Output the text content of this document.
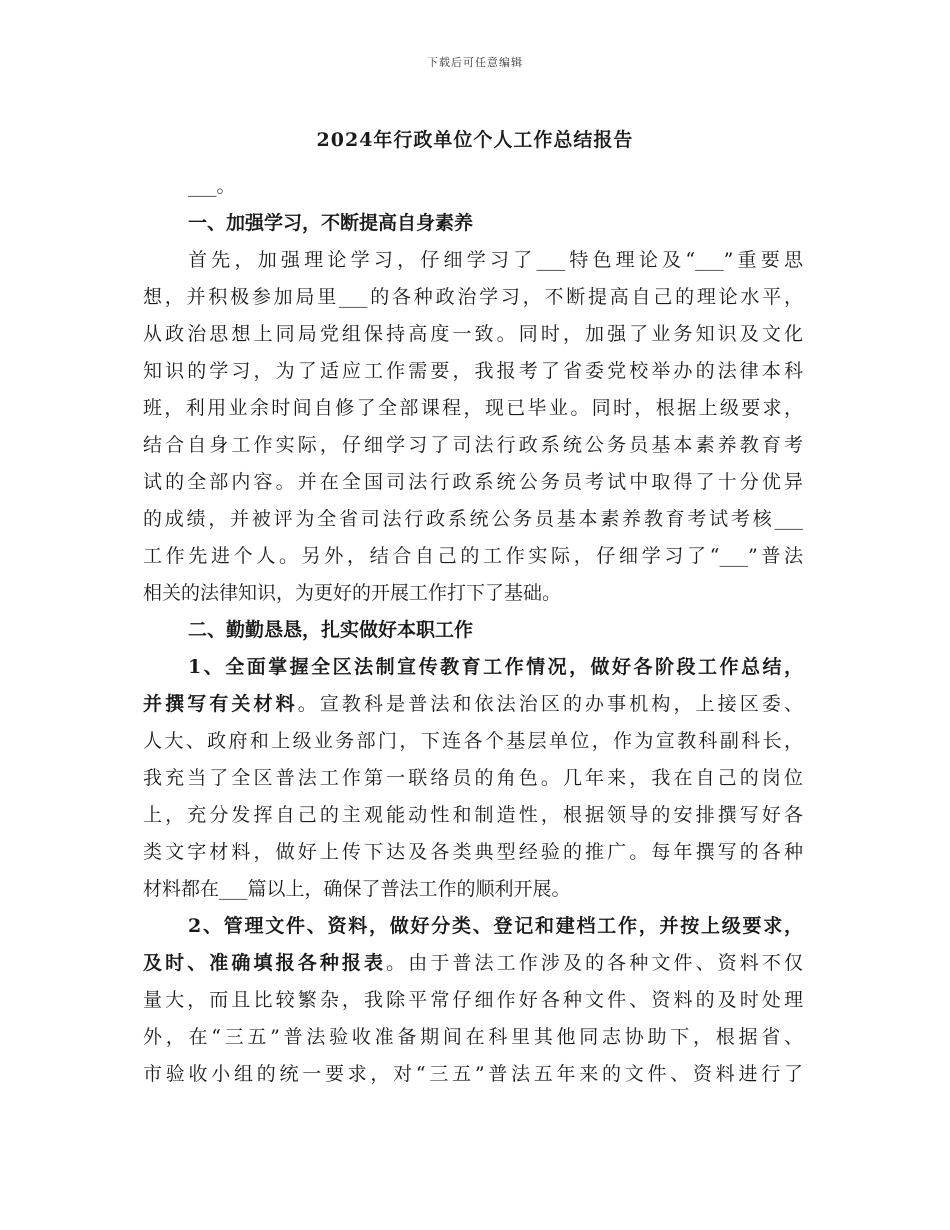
下载后可任意编辑
2024年行政单位个人工作总结报告
___。
一、加强学习，不断提高自身素养
首先，加强理论学习，仔细学习了___特色理论及“___”重要思
想，并积极参加局里___的各种政治学习，不断提高自己的理论水平，
从政治思想上同局党组保持高度一致。同时，加强了业务知识及文化
知识的学习，为了适应工作需要，我报考了省委党校举办的法律本科
班，利用业余时间自修了全部课程，现已毕业。同时，根据上级要求，
结合自身工作实际，仔细学习了司法行政系统公务员基本素养教育考
试的全部内容。并在全国司法行政系统公务员考试中取得了十分优异
的成绩，并被评为全省司法行政系统公务员基本素养教育考试考核___
工作先进个人。另外，结合自己的工作实际，仔细学习了“___”普法
相关的法律知识，为更好的开展工作打下了基础。
二、勤勤恳恳，扎实做好本职工作
1、全面掌握全区法制宣传教育工作情况，做好各阶段工作总结，
并撰写有关材料。宣教科是普法和依法治区的办事机构，上接区委、
人大、政府和上级业务部门，下连各个基层单位，作为宣教科副科长，
我充当了全区普法工作第一联络员的角色。几年来，我在自己的岗位
上，充分发挥自己的主观能动性和制造性，根据领导的安排撰写好各
类文字材料，做好上传下达及各类典型经验的推广。每年撰写的各种
材料都在___篇以上，确保了普法工作的顺利开展。
2、管理文件、资料，做好分类、登记和建档工作，并按上级要求，
及时、准确填报各种报表。由于普法工作涉及的各种文件、资料不仅
量大，而且比较繁杂，我除平常仔细作好各种文件、资料的及时处理
外，在“三五”普法验收准备期间在科里其他同志协助下，根据省、
市验收小组的统一要求，对“三五”普法五年来的文件、资料进行了
